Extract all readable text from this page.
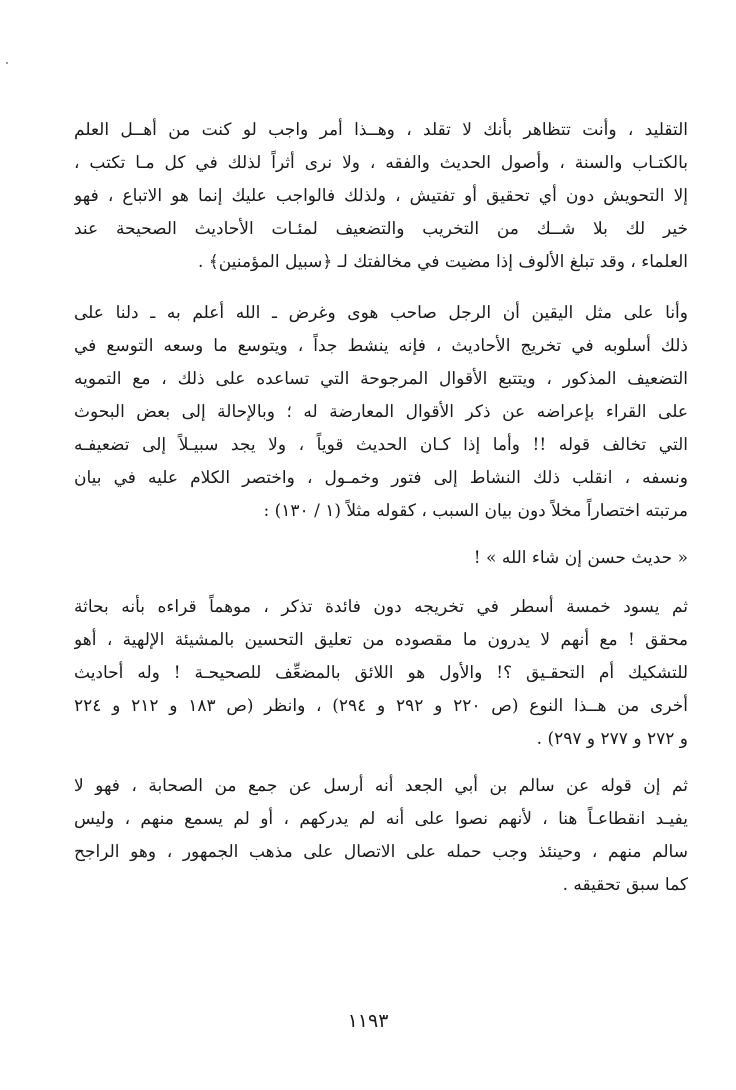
التقليد ، وأنت تتظاهر بأنك لا تقلد ، وهــذا أمر واجب لو كنت من أهــل العلم
بالكتـاب والسنة ، وأصول الحديث والفقه ، ولا نرى أثراً لذلك في كل مـا تكتب ،
إلا التحويش دون أي تحقيق أو تفتيش ، ولذلك فالواجب عليك إنما هو الاتباع ، فهو
خير لك بلا شــك من التخريب والتضعيف لمئـات الأحاديث الصحيحة عند
العلماء ، وقد تبلغ الألوف إذا مضيت في مخالفتك لـ ﴿سبيل المؤمنين﴾ .

وأنا على مثل اليقين أن الرجل صاحب هوى وغرض ـ الله أعلم به ـ دلنا على
ذلك أسلوبه في تخريج الأحاديث ، فإنه ينشط جداً ، ويتوسع ما وسعه التوسع في
التضعيف المذكور ، ويتتبع الأقوال المرجوحة التي تساعده على ذلك ، مع التمويه
على القراء بإعراضه عن ذكر الأقوال المعارضة له ؛ وبالإحالة إلى بعض البحوث
التي تخالف قوله !! وأما إذا كـان الحديث قوياً ، ولا يجد سبيـلاً إلى تضعيفـه
ونسفه ، انقلب ذلك النشاط إلى فتور وخمـول ، واختصر الكلام عليه في بيان
مرتبته اختصاراً مخلاً دون بيان السبب ، كقوله مثلاً (١ / ١٣٠) :

« حديث حسن إن شاء الله » !

ثم يسود خمسة أسطر في تخريجه دون فائدة تذكر ، موهماً قراءه بأنه بحاثة
محقق ! مع أنهم لا يدرون ما مقصوده من تعليق التحسين بالمشيئة الإلهية ، أهو
للتشكيك أم التحقـيق ؟! والأول هو اللائق بالمضعِّف للصحيحـة ! وله أحاديث
أخرى من هــذا النوع (ص ٢٢٠ و ٢٩٢ و ٢٩٤) ، وانظر (ص ١٨٣ و ٢١٢ و ٢٢٤
و ٢٧٢ و ٢٧٧ و ٢٩٧) .

ثم إن قوله عن سالم بن أبي الجعد أنه أرسل عن جمع من الصحابة ، فهو لا
يفيـد انقطاعـاً هنا ، لأنهم نصوا على أنه لم يدركهم ، أو لم يسمع منهم ، وليس
سالم منهم ، وحينئذ وجب حمله على الاتصال على مذهب الجمهور ، وهو الراجح
كما سبق تحقيقه .

١١٩٣
